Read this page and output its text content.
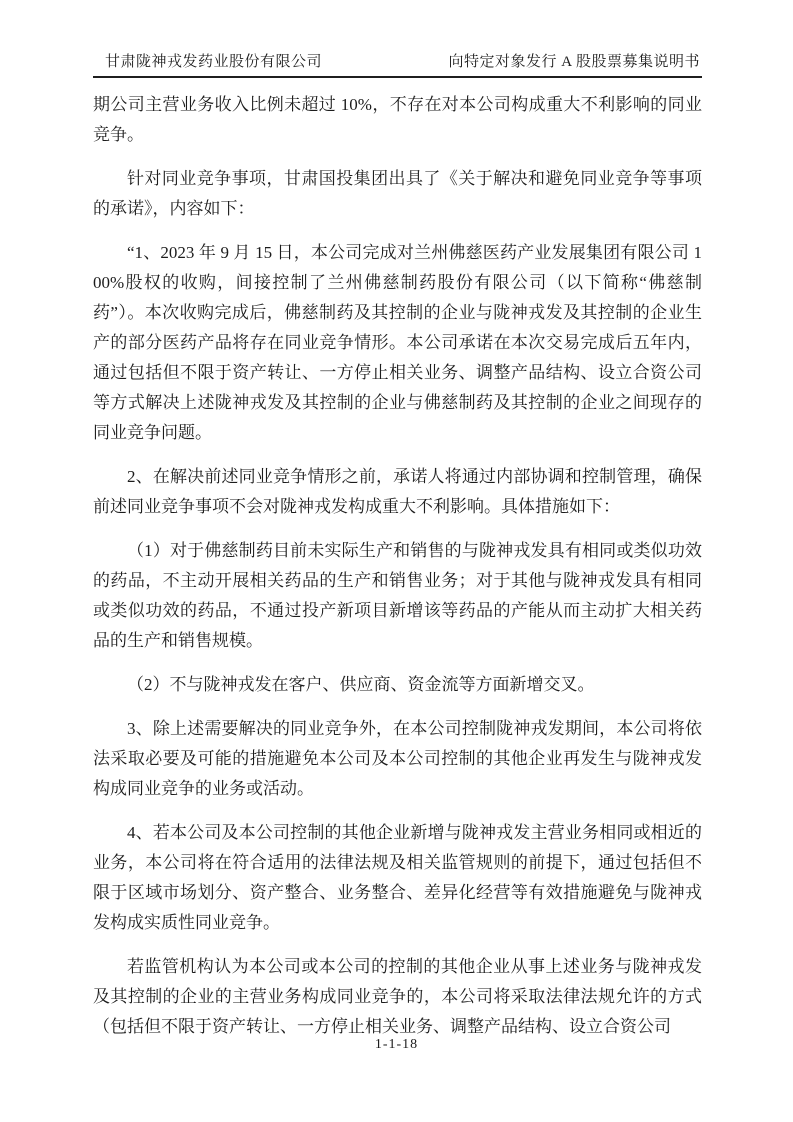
甘肃陇神戎发药业股份有限公司	向特定对象发行 A 股股票募集说明书

期公司主营业务收入比例未超过 10%，不存在对本公司构成重大不利影响的同业竞争。

针对同业竞争事项，甘肃国投集团出具了《关于解决和避免同业竞争等事项的承诺》，内容如下：

“1、2023 年 9 月 15 日，本公司完成对兰州佛慈医药产业发展集团有限公司 100%股权的收购，间接控制了兰州佛慈制药股份有限公司（以下简称“佛慈制药”）。本次收购完成后，佛慈制药及其控制的企业与陇神戎发及其控制的企业生产的部分医药产品将存在同业竞争情形。本公司承诺在本次交易完成后五年内，通过包括但不限于资产转让、一方停止相关业务、调整产品结构、设立合资公司等方式解决上述陇神戎发及其控制的企业与佛慈制药及其控制的企业之间现存的同业竞争问题。

2、在解决前述同业竞争情形之前，承诺人将通过内部协调和控制管理，确保前述同业竞争事项不会对陇神戎发构成重大不利影响。具体措施如下：

（1）对于佛慈制药目前未实际生产和销售的与陇神戎发具有相同或类似功效的药品，不主动开展相关药品的生产和销售业务；对于其他与陇神戎发具有相同或类似功效的药品，不通过投产新项目新增该等药品的产能从而主动扩大相关药品的生产和销售规模。

（2）不与陇神戎发在客户、供应商、资金流等方面新增交叉。

3、除上述需要解决的同业竞争外，在本公司控制陇神戎发期间，本公司将依法采取必要及可能的措施避免本公司及本公司控制的其他企业再发生与陇神戎发构成同业竞争的业务或活动。

4、若本公司及本公司控制的其他企业新增与陇神戎发主营业务相同或相近的业务，本公司将在符合适用的法律法规及相关监管规则的前提下，通过包括但不限于区域市场划分、资产整合、业务整合、差异化经营等有效措施避免与陇神戎发构成实质性同业竞争。

若监管机构认为本公司或本公司的控制的其他企业从事上述业务与陇神戎发及其控制的企业的主营业务构成同业竞争的，本公司将采取法律法规允许的方式（包括但不限于资产转让、一方停止相关业务、调整产品结构、设立合资公司

1-1-18
